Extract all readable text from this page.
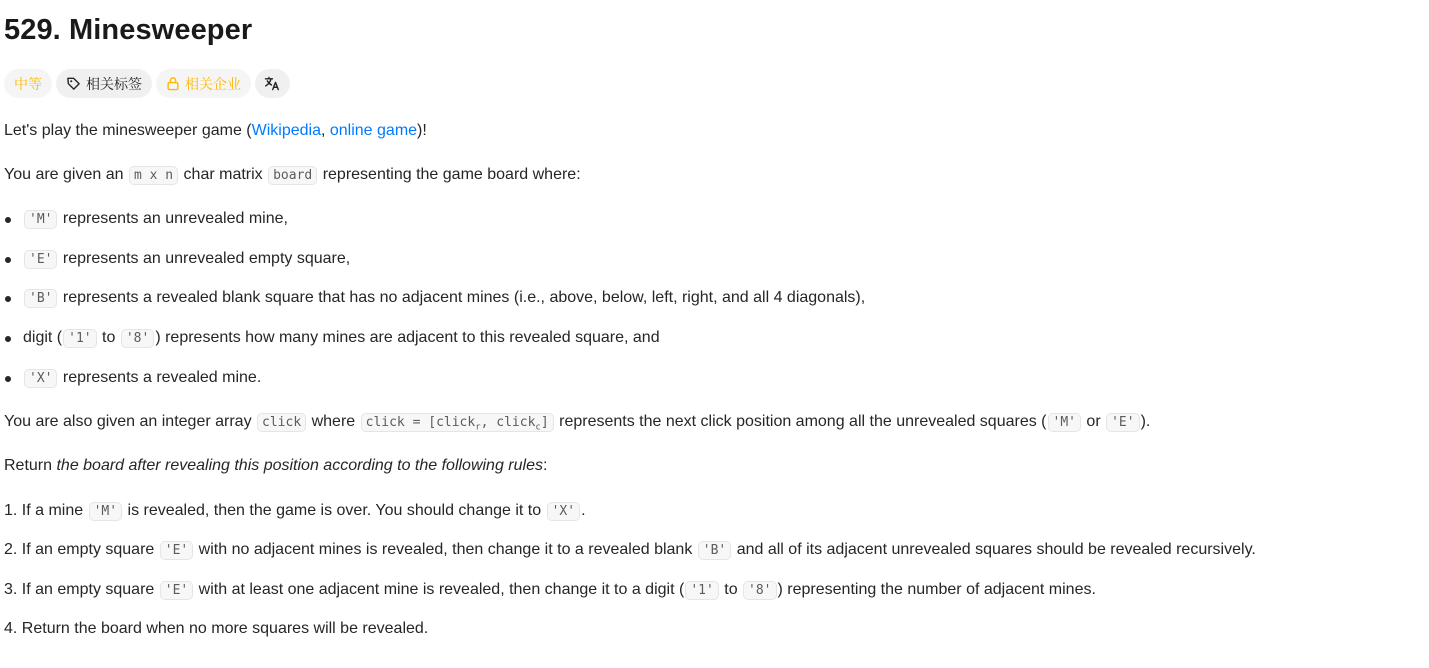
529. Minesweeper
中等	相关标签	相关企业
Let's play the minesweeper game (Wikipedia, online game)!
You are given an m x n char matrix board representing the game board where:
'M' represents an unrevealed mine,
'E' represents an unrevealed empty square,
'B' represents a revealed blank square that has no adjacent mines (i.e., above, below, left, right, and all 4 diagonals),
digit ( '1' to '8' ) represents how many mines are adjacent to this revealed square, and
'X' represents a revealed mine.
You are also given an integer array click where click = [click$_r$, click$_c$] represents the next click position among all the unrevealed squares ( 'M' or 'E' ).
Return the board after revealing this position according to the following rules:
1. If a mine 'M' is revealed, then the game is over. You should change it to 'X' .
2. If an empty square 'E' with no adjacent mines is revealed, then change it to a revealed blank 'B' and all of its adjacent unrevealed squares should be revealed recursively.
3. If an empty square 'E' with at least one adjacent mine is revealed, then change it to a digit ( '1' to '8' ) representing the number of adjacent mines.
4. Return the board when no more squares will be revealed.
